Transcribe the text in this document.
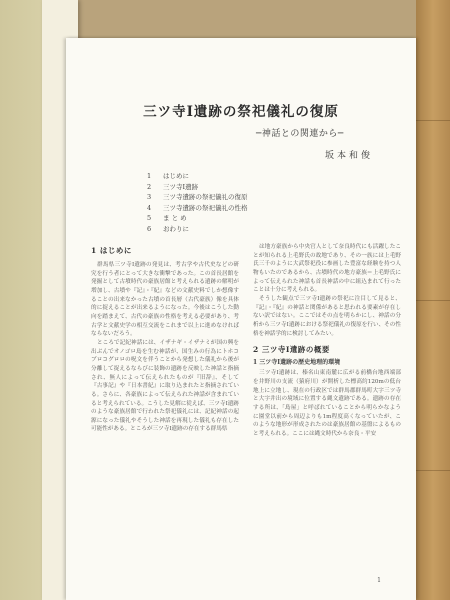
三ツ寺Ⅰ遺跡の祭祀儀礼の復原
─神話との関連から─
坂本和俊
1 はじめに
2 三ツ寺Ⅰ遺跡
3 三ツ寺遺跡の祭祀儀礼の復原
4 三ツ寺遺跡の祭祀儀礼の性格
5 ま と め
6 おわりに
1 はじめに

群馬県三ツ寺Ⅰ遺跡の発見は、考古学や古代史などの研究を行う者にとって大きな衝撃であった。この首長居館を発掘として古墳時代の豪族居館と考えられる遺跡の解明が増加し、古墳や『記』・『紀』などの文献史料でしか想像することの出来なかった古墳の首長層（古代豪族）像を具体的に捉えることが出来るようになった。今後はこうした動向を踏まえて、古代の豪族の性格を考える必要があり、考古学と文献史学の相互交流をこれまで以上に進めなければならないだろう。

ところで記紀神話には、イザナギ・イザナミが国の興を出ぶんでオノゴロ島を生む神話が、国生みの行為にトホコブロコグロロの呪文を伴うことから発想した儀礼から後が分離して捉えるならびに装飾の遺跡を反映した神話と指摘され、無人によって伝えられたものが『旧辞』、そして『古事記』や『日本書紀』に取り込まれたと指摘されている。さらに、各豪族によって伝えられた神話が含まれていると考えられている。こうした見解に従えば、三ツ寺Ⅰ遺跡のような豪族居館で行われた祭祀儀礼には、記紀神話の起源になった儀礼やそうした神話を再現した儀礼も存在した可能性がある。ところが三ツ寺Ⅰ遺跡の存在する群馬県

は地方豪族から中央官人として奈良時代にも活躍したことが知られる上毛野氏の故地であり、その一族には上毛野氏三千のように大武祭祀役に参画した豊富な経験を持つ人物もいたのであるから、古墳時代の地方豪族＝上毛野氏によって伝えられた神話も首長神話の中に組込まれて行ったことは十分に考えられる。

そうした観点で三ツ寺Ⅰ遺跡の祭祀に注目して見ると、『記』・『紀』の神話と関係があると思われる要素が存在しない訳ではない。ここではその点を明らかにし、神話の分析から三ツ寺Ⅰ遺跡における祭祀儀礼の復原を行い、その性格を神話学的に検討してみたい。

2 三ツ寺Ⅰ遺跡の概要
1 三ツ寺Ⅰ遺跡の歴史地理的環境

三ツ寺Ⅰ遺跡は、榛名山東南麓に広がる前橋台地西端部を井野川の支流（猿府川）が開析した標高約120mの低台地上に立地し、現在の行政区では群馬郡群馬町大字三ツ寺と大字井出の境域に位置する縄文遺跡である。遺跡の存在する所は、「島屋」と呼ばれていることから明らかなように園堂以前から周辺よりも1m程度高くなっていたが、このような地形が形成されたのは豪族居館の基盤によるものと考えられる。ここには縄文時代から奈良・平安

1
